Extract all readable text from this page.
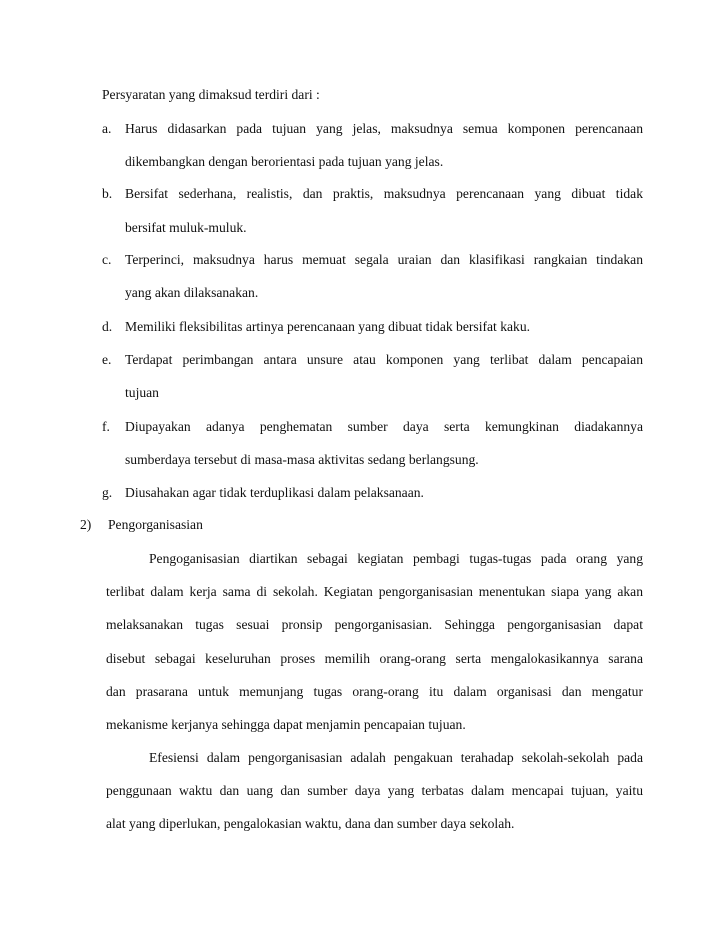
Persyaratan yang dimaksud terdiri dari :
a. Harus didasarkan pada tujuan yang jelas, maksudnya semua komponen perencanaan
dikembangkan dengan berorientasi pada tujuan yang jelas.
b. Bersifat sederhana, realistis, dan praktis, maksudnya perencanaan yang dibuat tidak
bersifat muluk-muluk.
c. Terperinci, maksudnya harus memuat segala uraian dan klasifikasi rangkaian tindakan
yang akan dilaksanakan.
d. Memiliki fleksibilitas artinya perencanaan yang dibuat tidak bersifat kaku.
e. Terdapat perimbangan antara unsure atau komponen yang terlibat dalam pencapaian
tujuan
f. Diupayakan adanya penghematan sumber daya serta kemungkinan diadakannya
sumberdaya tersebut di masa-masa aktivitas sedang berlangsung.
g. Diusahakan agar tidak terduplikasi dalam pelaksanaan.
2) Pengorganisasian
Pengoganisasian diartikan sebagai kegiatan pembagi tugas-tugas pada orang yang
terlibat dalam kerja sama di sekolah. Kegiatan pengorganisasian menentukan siapa yang akan
melaksanakan tugas sesuai pronsip pengorganisasian. Sehingga pengorganisasian dapat
disebut sebagai keseluruhan proses memilih orang-orang serta mengalokasikannya sarana
dan prasarana untuk memunjang tugas orang-orang itu dalam organisasi dan mengatur
mekanisme kerjanya sehingga dapat menjamin pencapaian tujuan.
Efesiensi dalam pengorganisasian adalah pengakuan terahadap sekolah-sekolah pada
penggunaan waktu dan uang dan sumber daya yang terbatas dalam mencapai tujuan, yaitu
alat yang diperlukan, pengalokasian waktu, dana dan sumber daya sekolah.
